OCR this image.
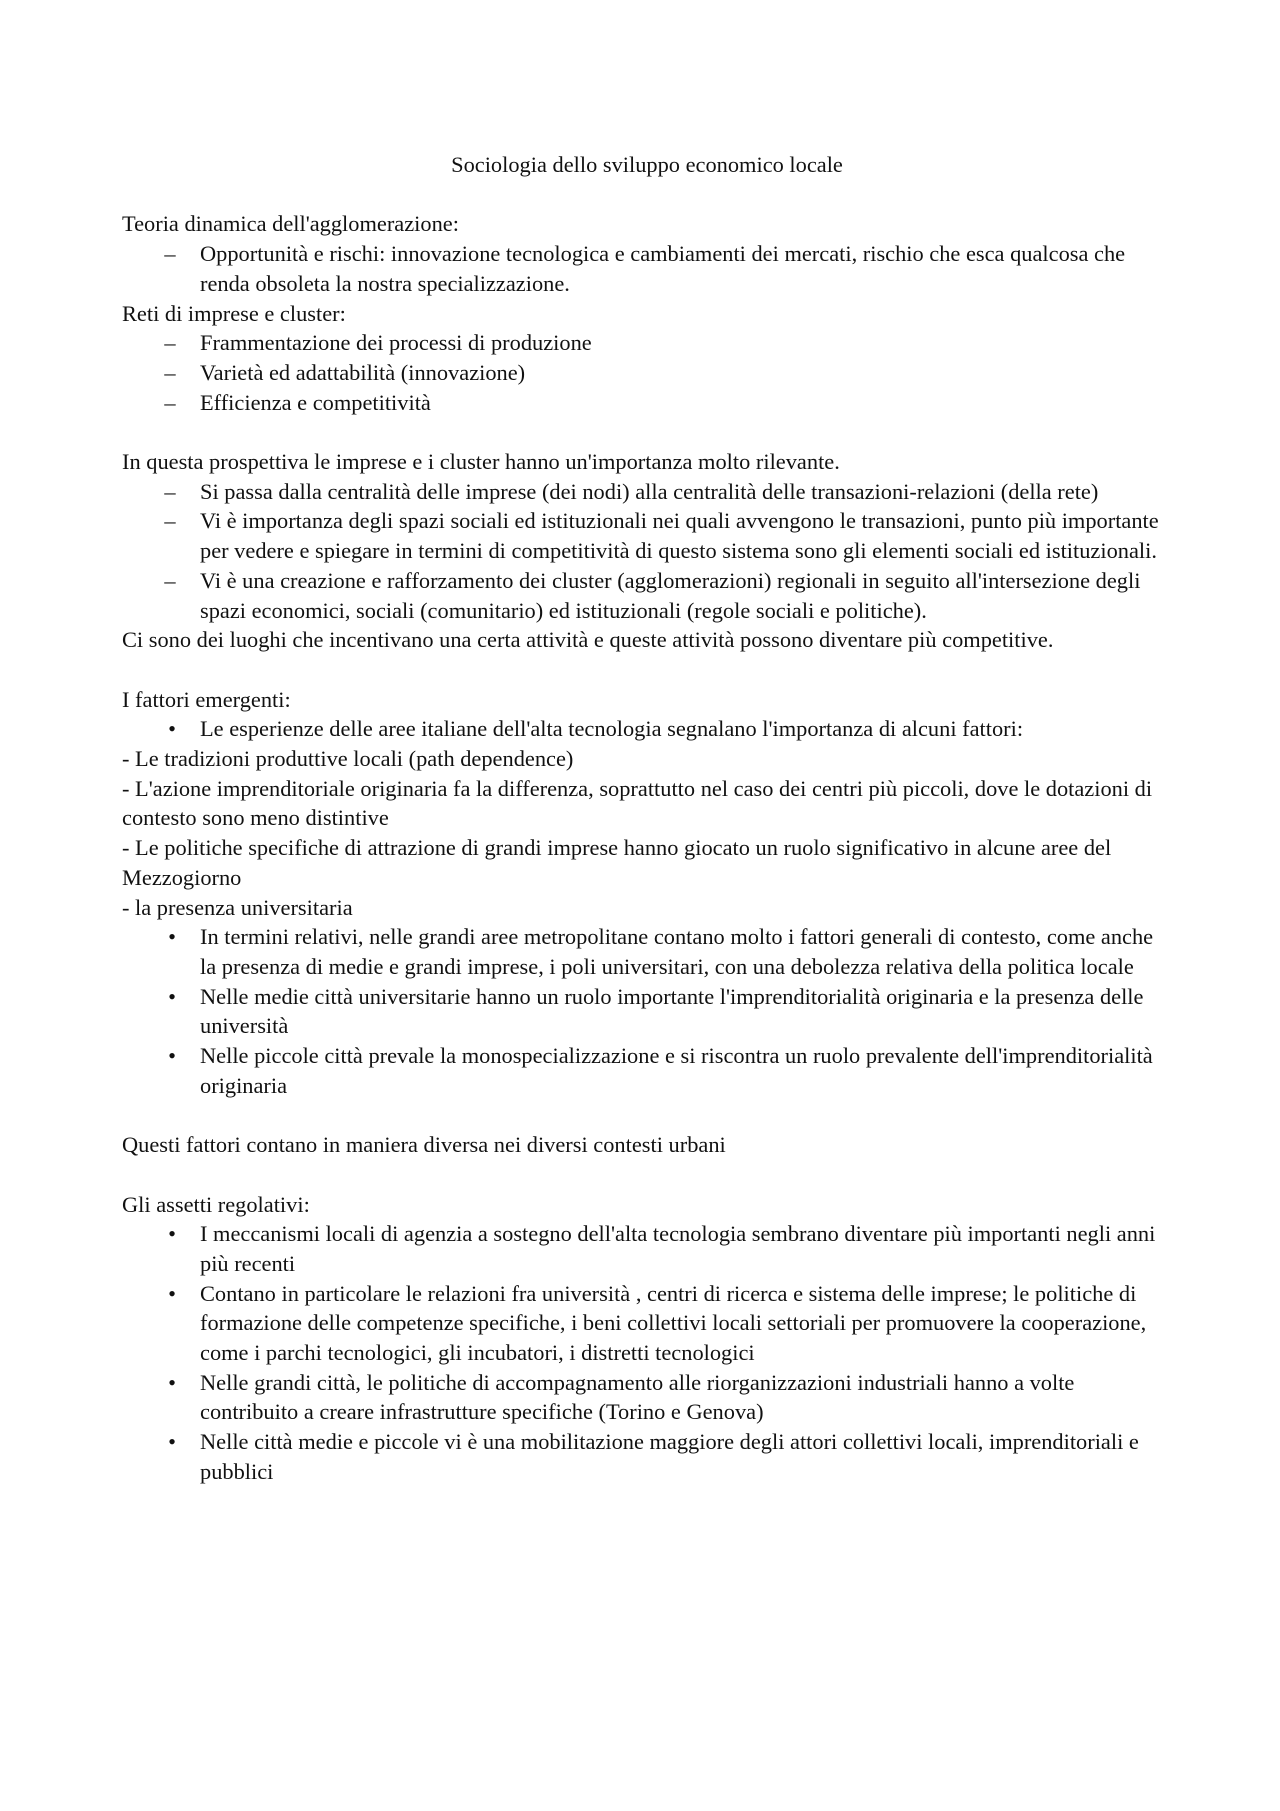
Sociologia dello sviluppo economico locale

Teoria dinamica dell'agglomerazione:

– Opportunità e rischi: innovazione tecnologica e cambiamenti dei mercati, rischio che esca qualcosa che renda obsoleta la nostra specializzazione.

Reti di imprese e cluster:

– Frammentazione dei processi di produzione
– Varietà ed adattabilità (innovazione)
– Efficienza e competitività

In questa prospettiva le imprese e i cluster hanno un'importanza molto rilevante.

– Si passa dalla centralità delle imprese (dei nodi) alla centralità delle transazioni-relazioni (della rete)
– Vi è importanza degli spazi sociali ed istituzionali nei quali avvengono le transazioni, punto più importante per vedere e spiegare in termini di competitività di questo sistema sono gli elementi sociali ed istituzionali.
– Vi è una creazione e rafforzamento dei cluster (agglomerazioni) regionali in seguito all'intersezione degli spazi economici, sociali (comunitario) ed istituzionali (regole sociali e politiche).

Ci sono dei luoghi che incentivano una certa attività e queste attività possono diventare più competitive.

I fattori emergenti:

• Le esperienze delle aree italiane dell'alta tecnologia segnalano l'importanza di alcuni fattori:

- Le tradizioni produttive locali (path dependence)

- L'azione imprenditoriale originaria fa la differenza, soprattutto nel caso dei centri più piccoli, dove le dotazioni di contesto sono meno distintive

- Le politiche specifiche di attrazione di grandi imprese hanno giocato un ruolo significativo in alcune aree del Mezzogiorno

- la presenza universitaria

• In termini relativi, nelle grandi aree metropolitane contano molto i fattori generali di contesto, come anche la presenza di medie e grandi imprese, i poli universitari, con una debolezza relativa della politica locale
• Nelle medie città universitarie hanno un ruolo importante l'imprenditorialità originaria e la presenza delle università
• Nelle piccole città prevale la monospecializzazione e si riscontra un ruolo prevalente dell'imprenditorialità originaria

Questi fattori contano in maniera diversa nei diversi contesti urbani

Gli assetti regolativi:

• I meccanismi locali di agenzia a sostegno dell'alta tecnologia sembrano diventare più importanti negli anni più recenti
• Contano in particolare le relazioni fra università , centri di ricerca e sistema delle imprese; le politiche di formazione delle competenze specifiche, i beni collettivi locali settoriali per promuovere la cooperazione, come i parchi tecnologici, gli incubatori, i distretti tecnologici
• Nelle grandi città, le politiche di accompagnamento alle riorganizzazioni industriali hanno a volte contribuito a creare infrastrutture specifiche (Torino e Genova)
• Nelle città medie e piccole vi è una mobilitazione maggiore degli attori collettivi locali, imprenditoriali e pubblici
